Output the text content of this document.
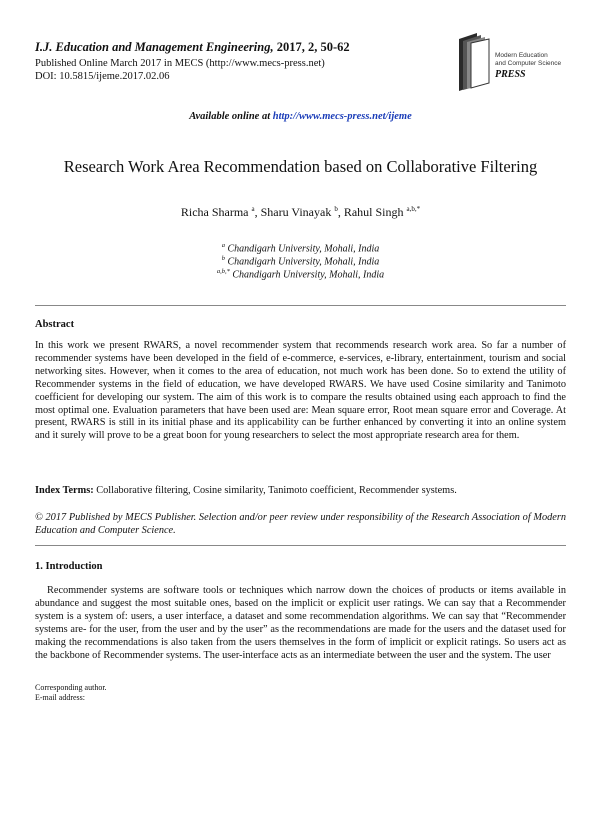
I.J. Education and Management Engineering, 2017, 2, 50-62
Published Online March 2017 in MECS (http://www.mecs-press.net)
DOI: 10.5815/ijeme.2017.02.06
Modern Education
and Computer Science
PRESS
Available online at http://www.mecs-press.net/ijeme
Research Work Area Recommendation based on Collaborative Filtering
Richa Sharma $^a$, Sharu Vinayak $^b$, Rahul Singh $^{a,b,*}$
$^a$ Chandigarh University, Mohali, India
$^b$ Chandigarh University, Mohali, India
$^{a,b,*}$ Chandigarh University, Mohali, India
Abstract
In this work we present RWARS, a novel recommender system that recommends research work area. So far a number of recommender systems have been developed in the field of e-commerce, e-services, e-library, entertainment, tourism and social networking sites. However, when it comes to the area of education, not much work has been done. So to extend the utility of Recommender systems in the field of education, we have developed RWARS. We have used Cosine similarity and Tanimoto coefficient for developing our system. The aim of this work is to compare the results obtained using each approach to find the most optimal one. Evaluation parameters that have been used are: Mean square error, Root mean square error and Coverage. At present, RWARS is still in its initial phase and its applicability can be further enhanced by converting it into an online system and it surely will prove to be a great boon for young researchers to select the most appropriate research area for them.
Index Terms: Collaborative filtering, Cosine similarity, Tanimoto coefficient, Recommender systems.
© 2017 Published by MECS Publisher. Selection and/or peer review under responsibility of the Research Association of Modern Education and Computer Science.
1. Introduction
Recommender systems are software tools or techniques which narrow down the choices of products or items available in abundance and suggest the most suitable ones, based on the implicit or explicit user ratings. We can say that a Recommender system is a system of: users, a user interface, a dataset and some recommendation algorithms. We can say that “Recommender systems are- for the user, from the user and by the user” as the recommendations are made for the users and the dataset used for making the recommendations is also taken from the users themselves in the form of implicit or explicit ratings. So users act as the backbone of Recommender systems. The user-interface acts as an intermediate between the user and the system. The user
Corresponding author.
E-mail address:
